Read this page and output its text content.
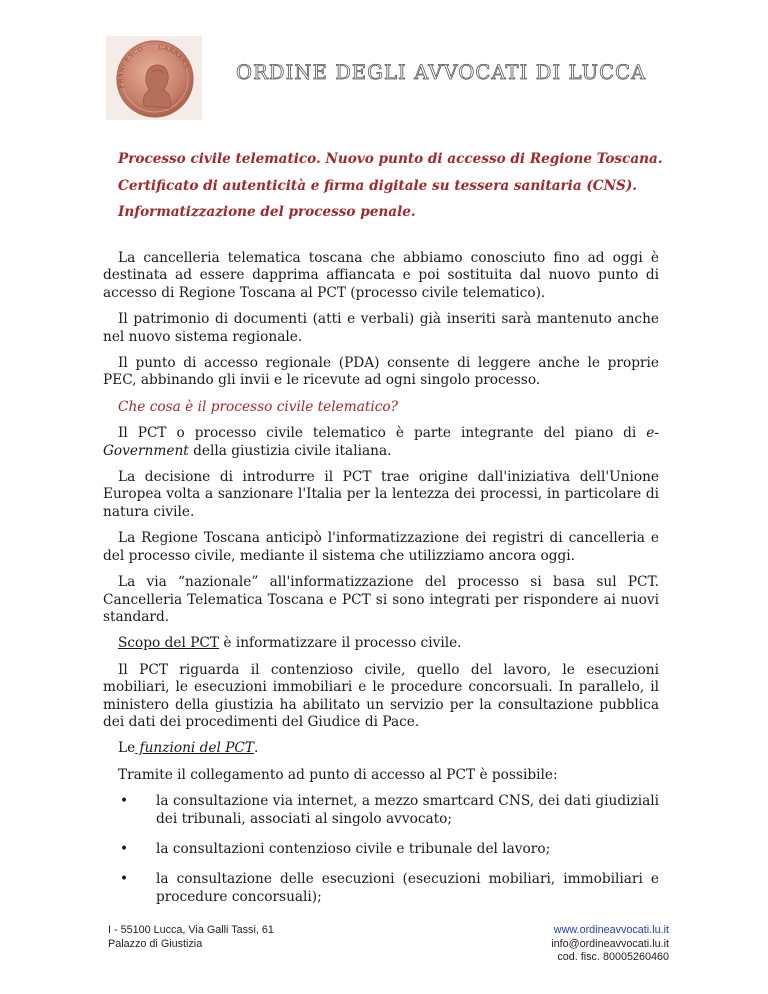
FRANCESCO CARRARA ORDINE DEGLI AVVOCATI DI LUCCA
Processo civile telematico. Nuovo punto di accesso di Regione Toscana.
Certificato di autenticità e firma digitale su tessera sanitaria (CNS).
Informatizzazione del processo penale.

La cancelleria telematica toscana che abbiamo conosciuto fino ad oggi è destinata ad essere dapprima affiancata e poi sostituita dal nuovo punto di accesso di Regione Toscana al PCT (processo civile telematico).

Il patrimonio di documenti (atti e verbali) già inseriti sarà mantenuto anche nel nuovo sistema regionale.

Il punto di accesso regionale (PDA) consente di leggere anche le proprie PEC, abbinando gli invii e le ricevute ad ogni singolo processo.

Che cosa è il processo civile telematico?

Il PCT o processo civile telematico è parte integrante del piano di e-Government della giustizia civile italiana.

La decisione di introdurre il PCT trae origine dall'iniziativa dell'Unione Europea volta a sanzionare l'Italia per la lentezza dei processi, in particolare di natura civile.

La Regione Toscana anticipò l'informatizzazione dei registri di cancelleria e del processo civile, mediante il sistema che utilizziamo ancora oggi.

La via “nazionale” all'informatizzazione del processo si basa sul PCT. Cancelleria Telematica Toscana e PCT si sono integrati per rispondere ai nuovi standard.

Scopo del PCT è informatizzare il processo civile.

Il PCT riguarda il contenzioso civile, quello del lavoro, le esecuzioni mobiliari, le esecuzioni immobiliari e le procedure concorsuali. In parallelo, il ministero della giustizia ha abilitato un servizio per la consultazione pubblica dei dati dei procedimenti del Giudice di Pace.

Le funzioni del PCT.

Tramite il collegamento ad punto di accesso al PCT è possibile:

• la consultazione via internet, a mezzo smartcard CNS, dei dati giudiziali dei tribunali, associati al singolo avvocato;
• la consultazioni contenzioso civile e tribunale del lavoro;
• la consultazione delle esecuzioni (esecuzioni mobiliari, immobiliari e procedure concorsuali);
I - 55100 Lucca, Via Galli Tassi, 61
Palazzo di Giustizia
www.ordineavvocati.lu.it
info@ordineavvocati.lu.it
cod. fisc. 80005260460
